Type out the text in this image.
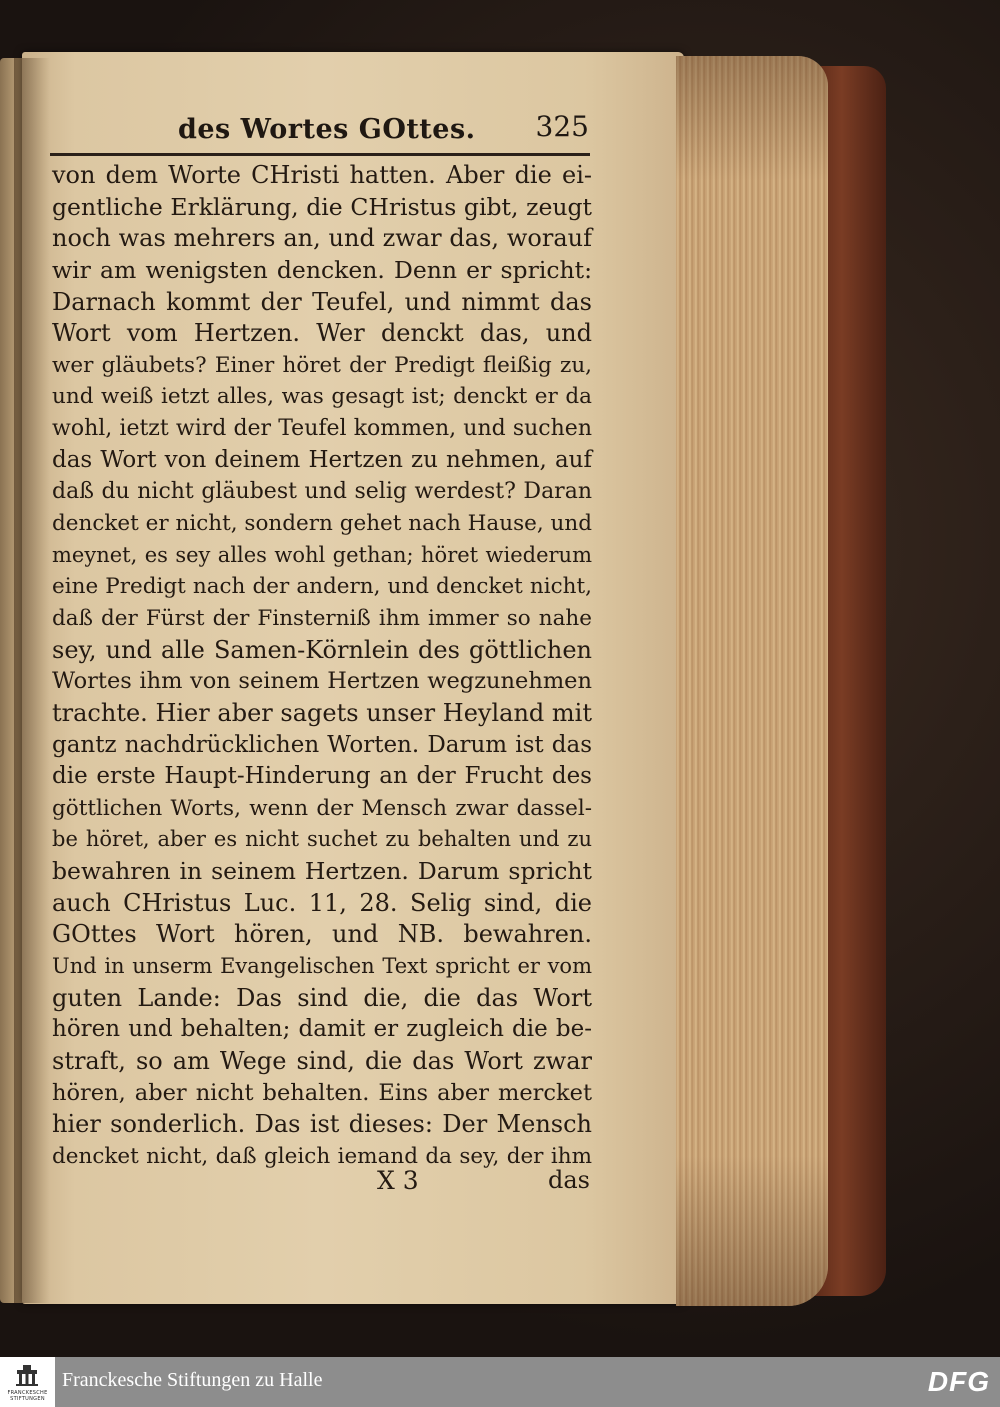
des Wortes GOttes. 325
von dem Worte CHristi hatten. Aber die ei-
gentliche Erklärung, die CHristus gibt, zeugt
noch was mehrers an, und zwar das, worauf
wir am wenigsten dencken. Denn er spricht:
Darnach kommt der Teufel, und nimmt das
Wort vom Hertzen. Wer denckt das, und
wer gläubets? Einer höret der Predigt fleißig zu,
und weiß ietzt alles, was gesagt ist; denckt er da
wohl, ietzt wird der Teufel kommen, und suchen
das Wort von deinem Hertzen zu nehmen, auf
daß du nicht gläubest und selig werdest? Daran
dencket er nicht, sondern gehet nach Hause, und
meynet, es sey alles wohl gethan; höret wiederum
eine Predigt nach der andern, und dencket nicht,
daß der Fürst der Finsterniß ihm immer so nahe
sey, und alle Samen-Körnlein des göttlichen
Wortes ihm von seinem Hertzen wegzunehmen
trachte. Hier aber sagets unser Heyland mit
gantz nachdrücklichen Worten. Darum ist das
die erste Haupt-Hinderung an der Frucht des
göttlichen Worts, wenn der Mensch zwar dassel-
be höret, aber es nicht suchet zu behalten und zu
bewahren in seinem Hertzen. Darum spricht
auch CHristus Luc. 11, 28. Selig sind, die
GOttes Wort hören, und NB. bewahren.
Und in unserm Evangelischen Text spricht er vom
guten Lande: Das sind die, die das Wort
hören und behalten; damit er zugleich die be-
straft, so am Wege sind, die das Wort zwar
hören, aber nicht behalten. Eins aber mercket
hier sonderlich. Das ist dieses: Der Mensch
dencket nicht, daß gleich iemand da sey, der ihm
X 3	das
FRANCKESCHE STIFTUNGEN
Franckesche Stiftungen zu Halle	DFG
